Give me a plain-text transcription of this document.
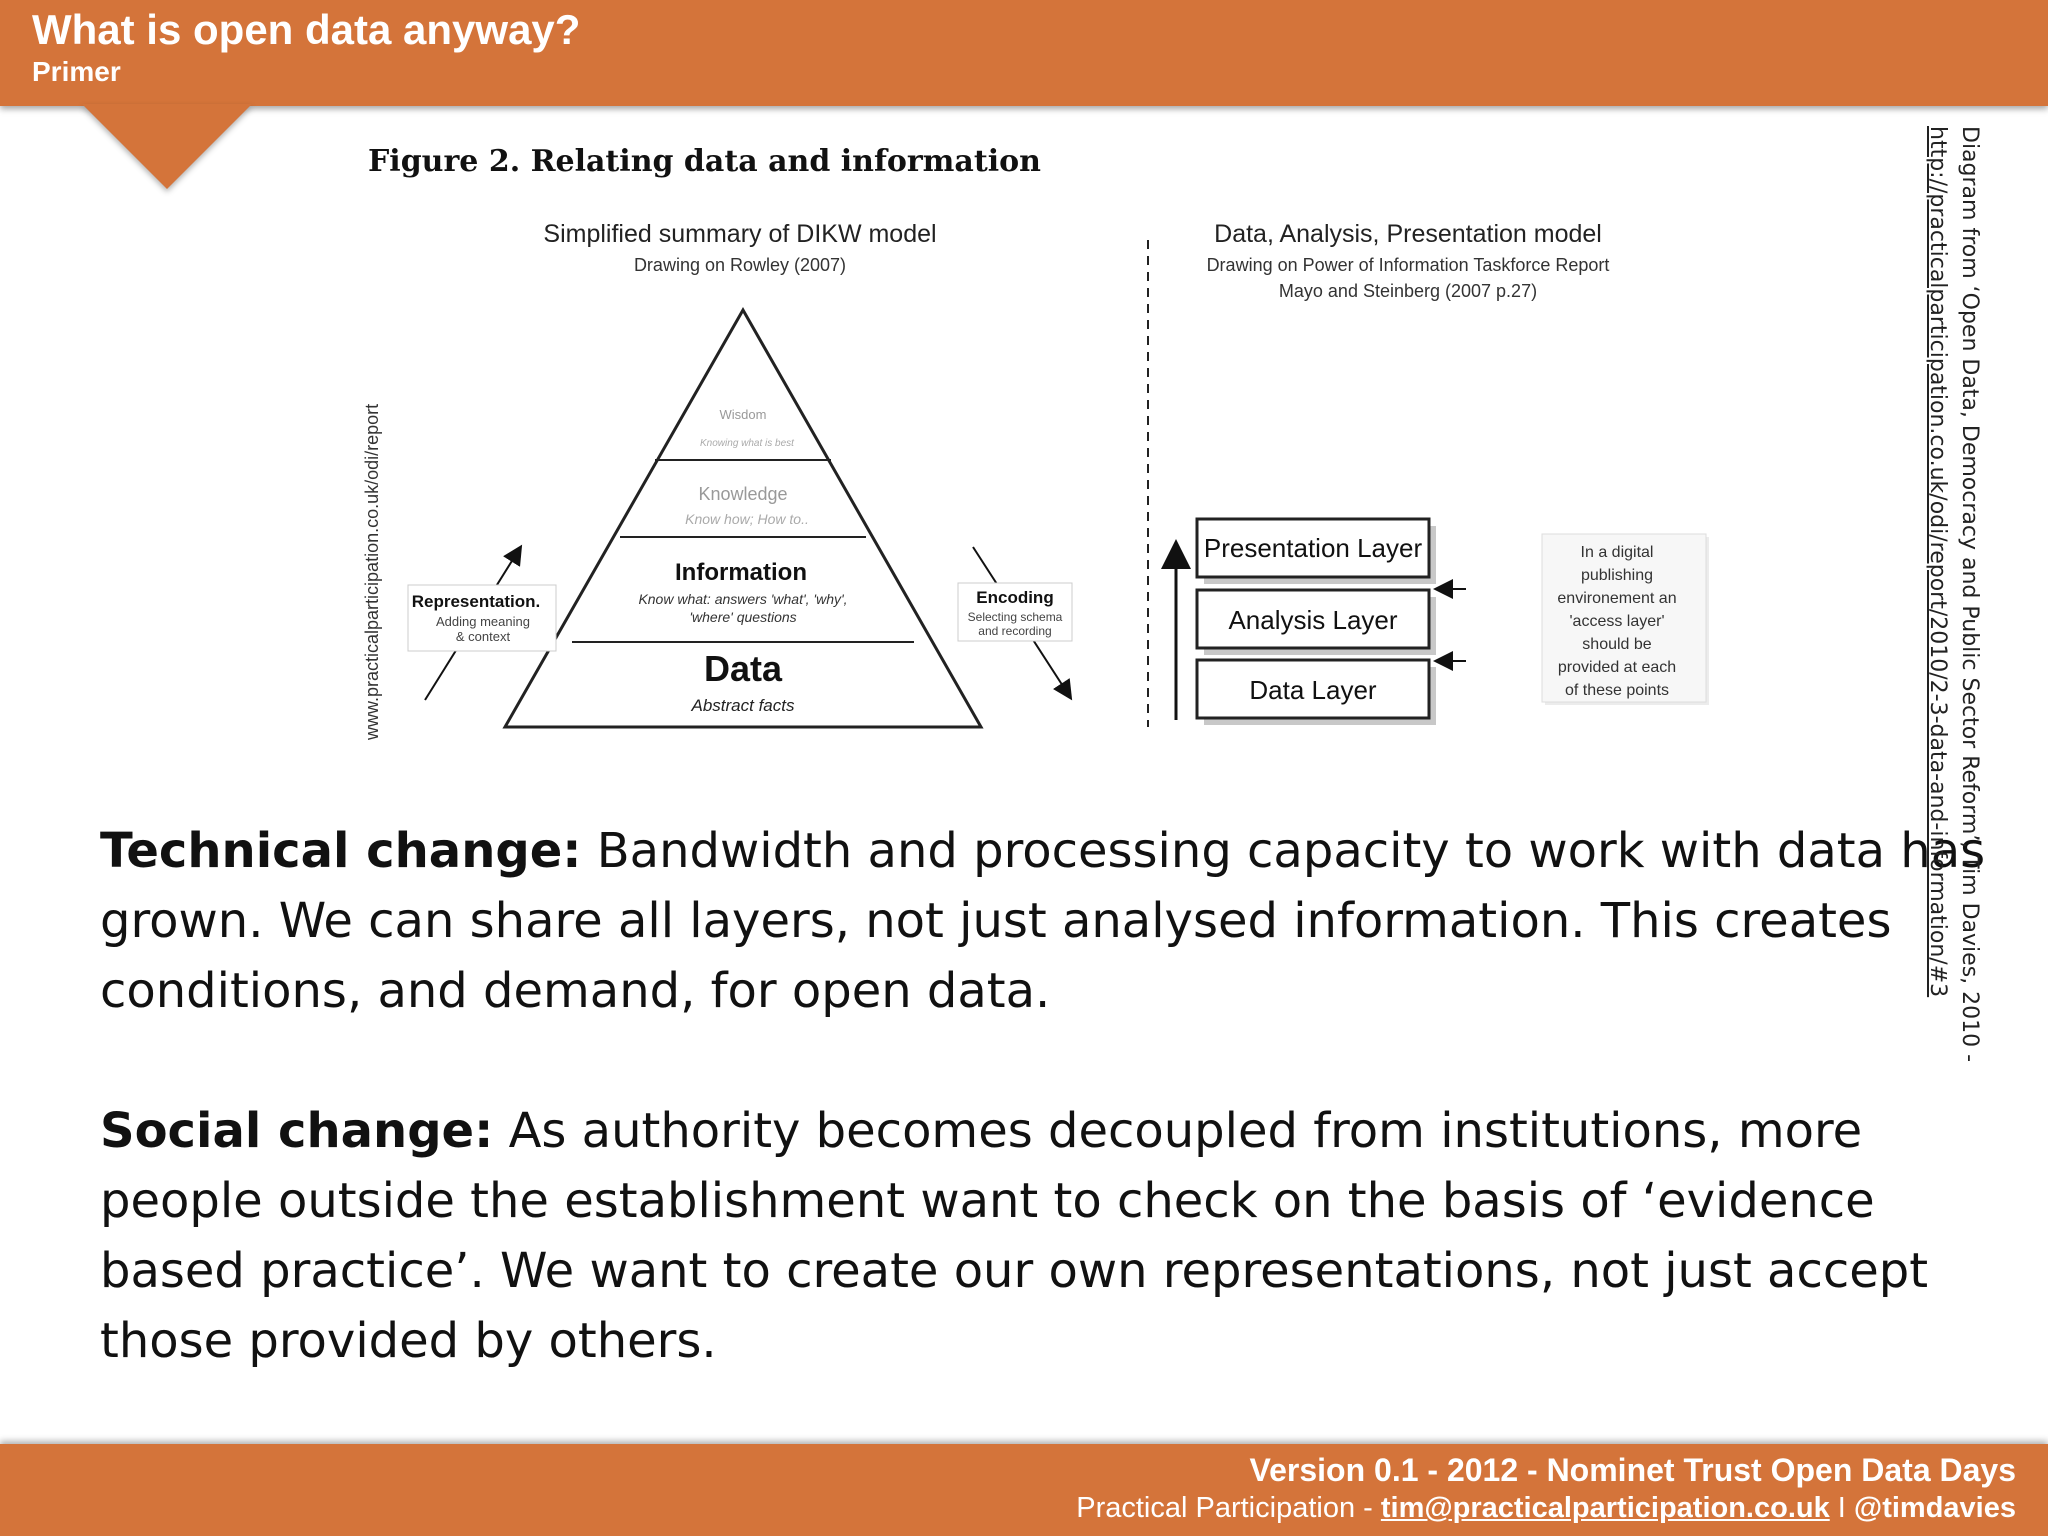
What is open data anyway?
Primer
Figure 2. Relating data and information
www.practicalparticipation.co.uk/odi/report
Simplified summary of DIKW model
Drawing on Rowley (2007)
Wisdom
Knowing what is best
Knowledge
Know how; How to..
Information
Know what: answers 'what', 'why',
'where' questions
Data
Abstract facts
Representation.
Adding meaning
& context
Encoding
Selecting schema
and recording
Data, Analysis, Presentation model
Drawing on Power of Information Taskforce Report
Mayo and Steinberg (2007 p.27)
Presentation Layer
Analysis Layer
Data Layer
In a digital
publishing
environement an
'access layer'
should be
provided at each
of these points
Technical change: Bandwidth and processing capacity to work with data has grown. We can share all layers, not just analysed information. This creates conditions, and demand, for open data.
Social change: As authority becomes decoupled from institutions, more people outside the establishment want to check on the basis of ‘evidence based practice’. We want to create our own representations, not just accept those provided by others.
Diagram from ‘Open Data, Democracy and Public Sector Reform’, Tim Davies, 2010 -
http://practicalparticipation.co.uk/odi/report/2010/2-3-data-and-information/#3
Version 0.1 - 2012 - Nominet Trust Open Data Days
Practical Participation - tim@practicalparticipation.co.uk I @timdavies
